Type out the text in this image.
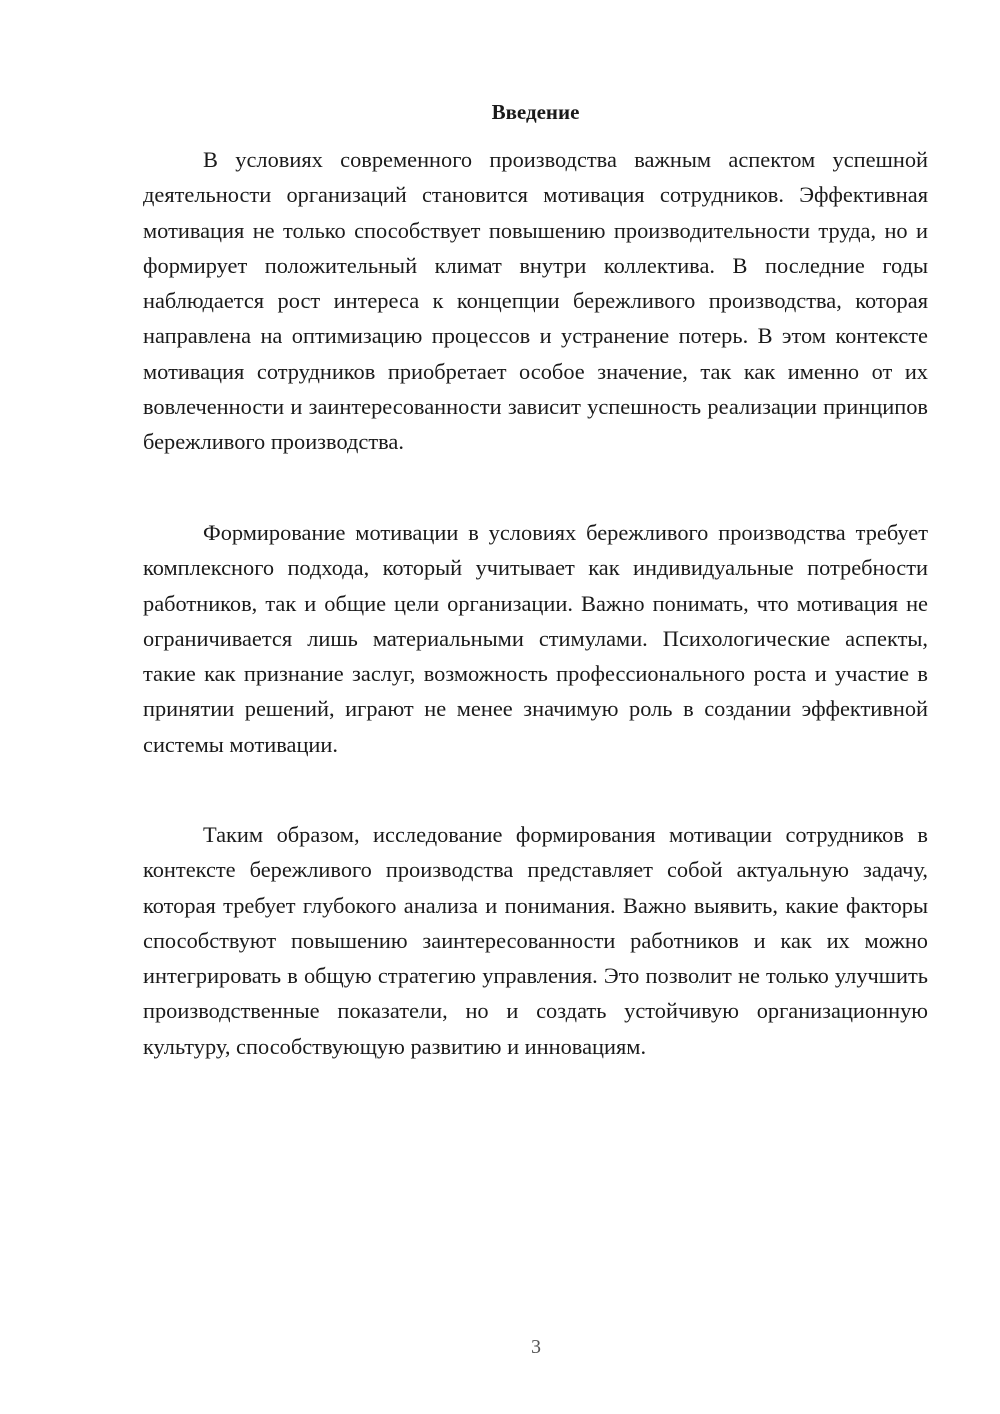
Введение

В условиях современного производства важным аспектом успешной деятельности организаций становится мотивация сотрудников. Эффективная мотивация не только способствует повышению производительности труда, но и формирует положительный климат внутри коллектива. В последние годы наблюдается рост интереса к концепции бережливого производства, которая направлена на оптимизацию процессов и устранение потерь. В этом контексте мотивация сотрудников приобретает особое значение, так как именно от их вовлеченности и заинтересованности зависит успешность реализации принципов бережливого производства.

Формирование мотивации в условиях бережливого производства требует комплексного подхода, который учитывает как индивидуальные потребности работников, так и общие цели организации. Важно понимать, что мотивация не ограничивается лишь материальными стимулами. Психологические аспекты, такие как признание заслуг, возможность профессионального роста и участие в принятии решений, играют не менее значимую роль в создании эффективной системы мотивации.

Таким образом, исследование формирования мотивации сотрудников в контексте бережливого производства представляет собой актуальную задачу, которая требует глубокого анализа и понимания. Важно выявить, какие факторы способствуют повышению заинтересованности работников и как их можно интегрировать в общую стратегию управления. Это позволит не только улучшить производственные показатели, но и создать устойчивую организационную культуру, способствующую развитию и инновациям.

3
